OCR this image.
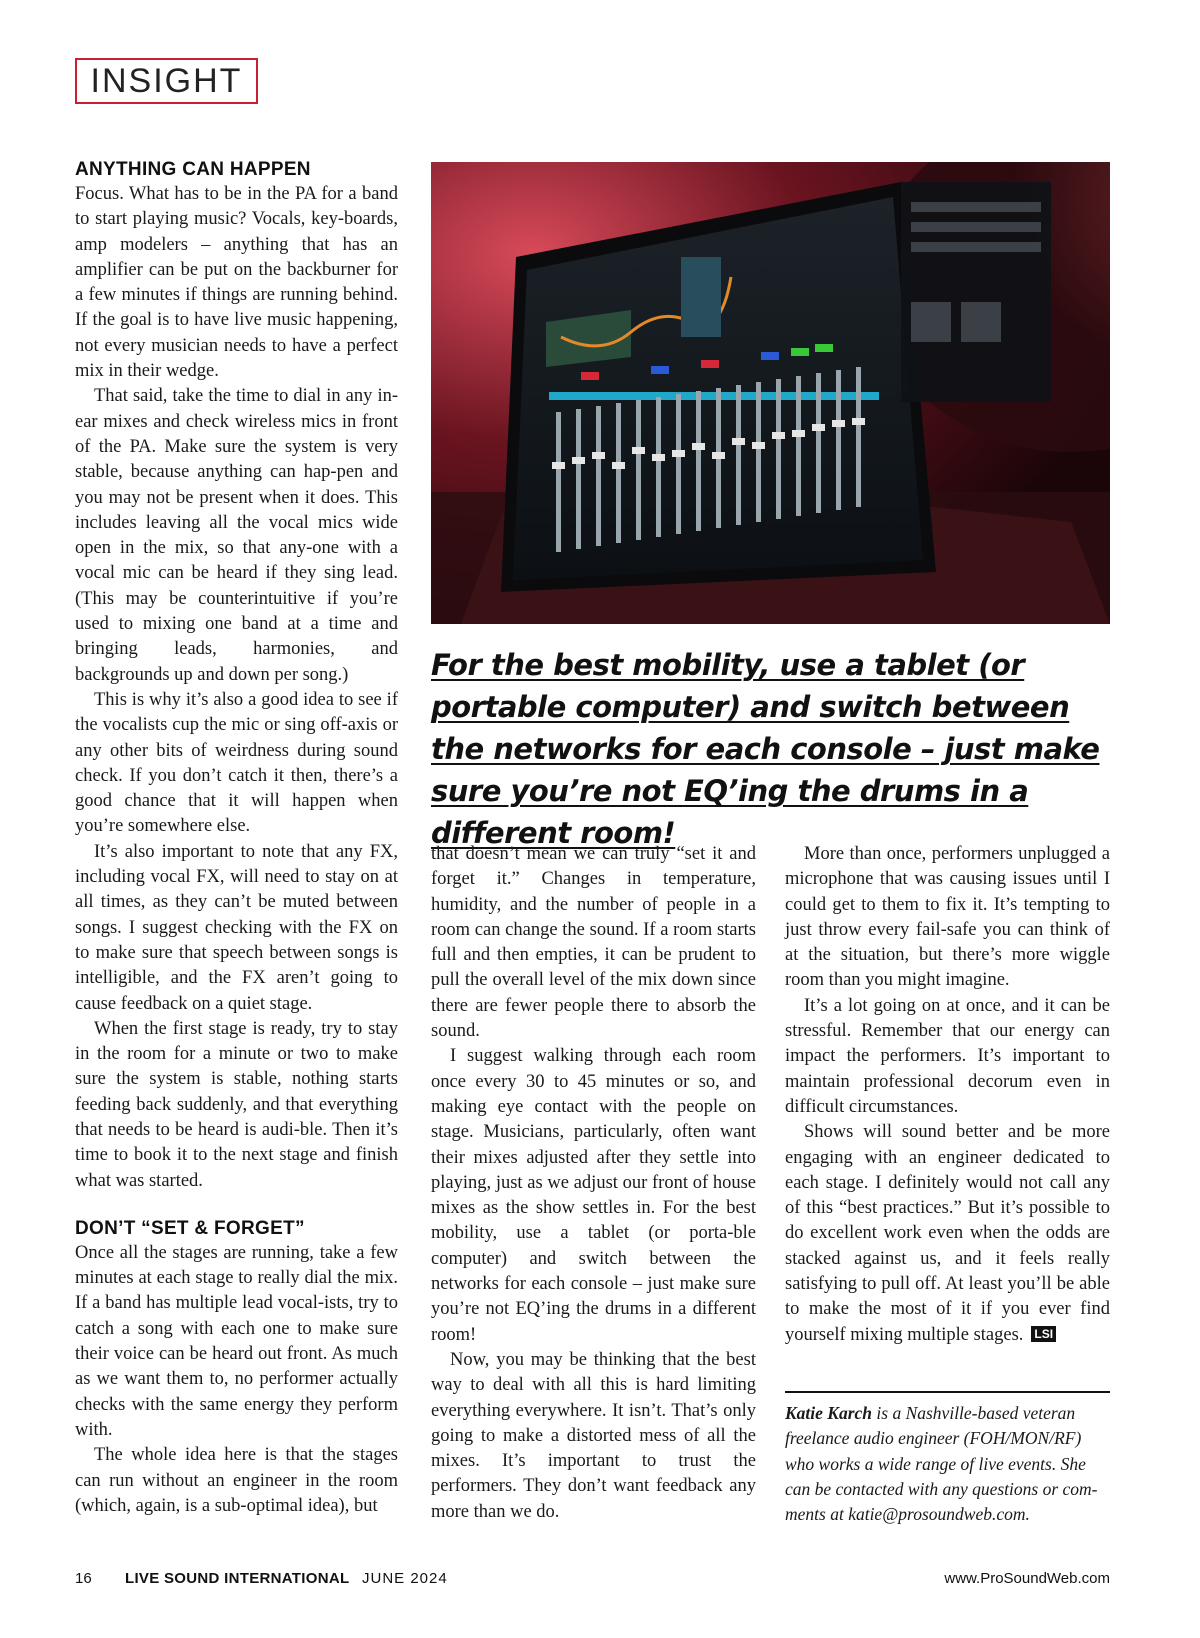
INSIGHT
ANYTHING CAN HAPPEN

Focus. What has to be in the PA for a band to start playing music? Vocals, key-boards, amp modelers – anything that has an amplifier can be put on the backburner for a few minutes if things are running behind. If the goal is to have live music happening, not every musician needs to have a perfect mix in their wedge.

That said, take the time to dial in any in-ear mixes and check wireless mics in front of the PA. Make sure the system is very stable, because anything can hap-pen and you may not be present when it does. This includes leaving all the vocal mics wide open in the mix, so that any-one with a vocal mic can be heard if they sing lead. (This may be counterintuitive if you’re used to mixing one band at a time and bringing leads, harmonies, and backgrounds up and down per song.)

This is why it’s also a good idea to see if the vocalists cup the mic or sing off-axis or any other bits of weirdness during sound check. If you don’t catch it then, there’s a good chance that it will happen when you’re somewhere else.

It’s also important to note that any FX, including vocal FX, will need to stay on at all times, as they can’t be muted between songs. I suggest checking with the FX on to make sure that speech between songs is intelligible, and the FX aren’t going to cause feedback on a quiet stage.

When the first stage is ready, try to stay in the room for a minute or two to make sure the system is stable, nothing starts feeding back suddenly, and that everything that needs to be heard is audi-ble. Then it’s time to book it to the next stage and finish what was started.

DON’T “SET & FORGET”

Once all the stages are running, take a few minutes at each stage to really dial the mix. If a band has multiple lead vocal-ists, try to catch a song with each one to make sure their voice can be heard out front. As much as we want them to, no performer actually checks with the same energy they perform with.

The whole idea here is that the stages can run without an engineer in the room (which, again, is a sub-optimal idea), but

For the best mobility, use a tablet (or portable computer) and switch between the networks for each console – just make sure you’re not EQ’ing the drums in a different room!

that doesn’t mean we can truly “set it and forget it.” Changes in temperature, humidity, and the number of people in a room can change the sound. If a room starts full and then empties, it can be prudent to pull the overall level of the mix down since there are fewer people there to absorb the sound.

I suggest walking through each room once every 30 to 45 minutes or so, and making eye contact with the people on stage. Musicians, particularly, often want their mixes adjusted after they settle into playing, just as we adjust our front of house mixes as the show settles in. For the best mobility, use a tablet (or porta-ble computer) and switch between the networks for each console – just make sure you’re not EQ’ing the drums in a different room!

Now, you may be thinking that the best way to deal with all this is hard limiting everything everywhere. It isn’t. That’s only going to make a distorted mess of all the mixes. It’s important to trust the performers. They don’t want feedback any more than we do.

More than once, performers unplugged a microphone that was causing issues until I could get to them to fix it. It’s tempting to just throw every fail-safe you can think of at the situation, but there’s more wiggle room than you might imagine.

It’s a lot going on at once, and it can be stressful. Remember that our energy can impact the performers. It’s important to maintain professional decorum even in difficult circumstances.

Shows will sound better and be more engaging with an engineer dedicated to each stage. I definitely would not call any of this “best practices.” But it’s possible to do excellent work even when the odds are stacked against us, and it feels really satisfying to pull off. At least you’ll be able to make the most of it if you ever find yourself mixing multiple stages. LSI

Katie Karch is a Nashville-based veteran freelance audio engineer (FOH/MON/RF) who works a wide range of live events. She can be contacted with any questions or com-ments at katie@prosoundweb.com.
16 LIVE SOUND INTERNATIONAL JUNE 2024	www.ProSoundWeb.com
